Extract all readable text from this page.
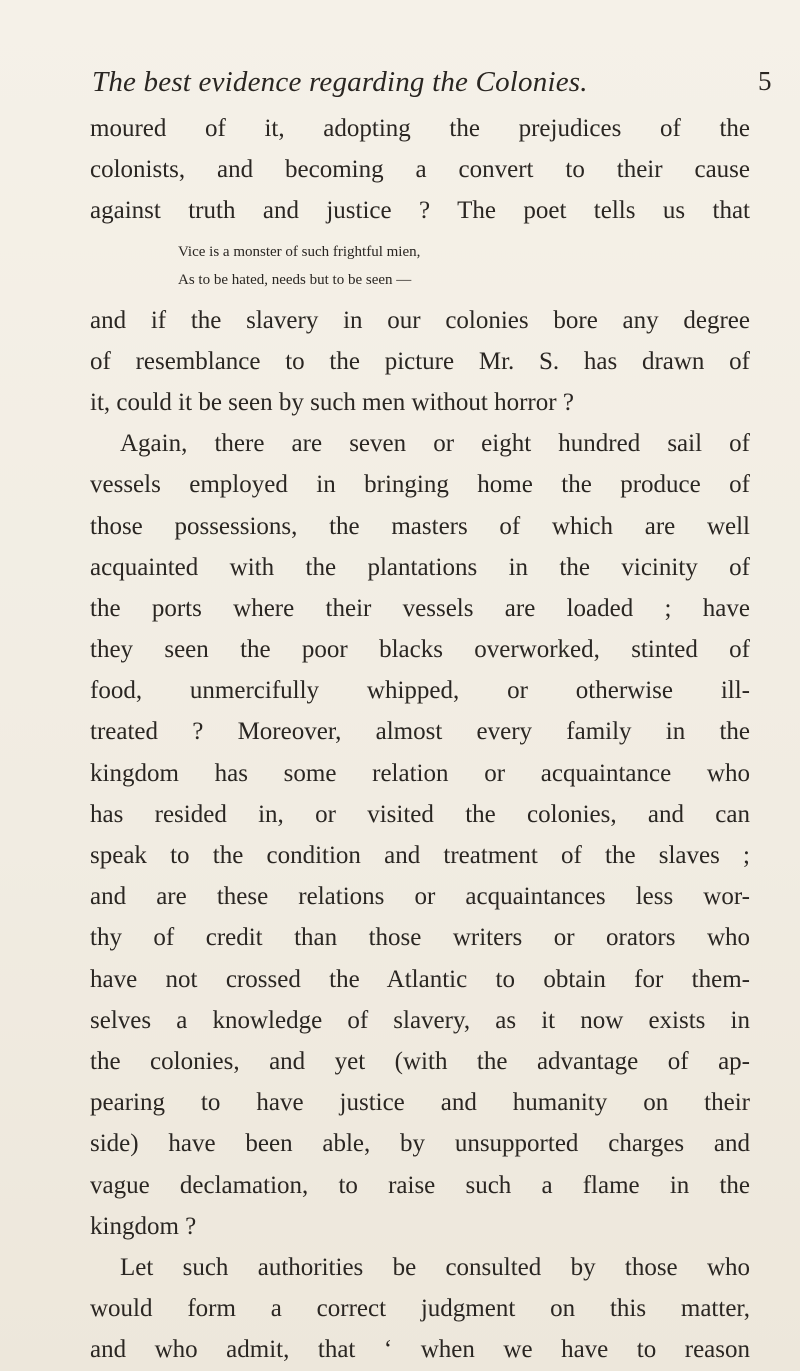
The best evidence regarding the Colonies.	5
moured of it, adopting the prejudices of the
colonists, and becoming a convert to their cause
against truth and justice ? The poet tells us that
Vice is a monster of such frightful mien,
As to be hated, needs but to be seen —
and if the slavery in our colonies bore any degree
of resemblance to the picture Mr. S. has drawn of
it, could it be seen by such men without horror ?
Again, there are seven or eight hundred sail of
vessels employed in bringing home the produce of
those possessions, the masters of which are well
acquainted with the plantations in the vicinity of
the ports where their vessels are loaded ; have
they seen the poor blacks overworked, stinted of
food, unmercifully whipped, or otherwise ill-
treated ? Moreover, almost every family in the
kingdom has some relation or acquaintance who
has resided in, or visited the colonies, and can
speak to the condition and treatment of the slaves ;
and are these relations or acquaintances less wor-
thy of credit than those writers or orators who
have not crossed the Atlantic to obtain for them-
selves a knowledge of slavery, as it now exists in
the colonies, and yet (with the advantage of ap-
pearing to have justice and humanity on their
side) have been able, by unsupported charges and
vague declamation, to raise such a flame in the
kingdom ?
Let such authorities be consulted by those who
would form a correct judgment on this matter,
and who admit, that ‘ when we have to reason
